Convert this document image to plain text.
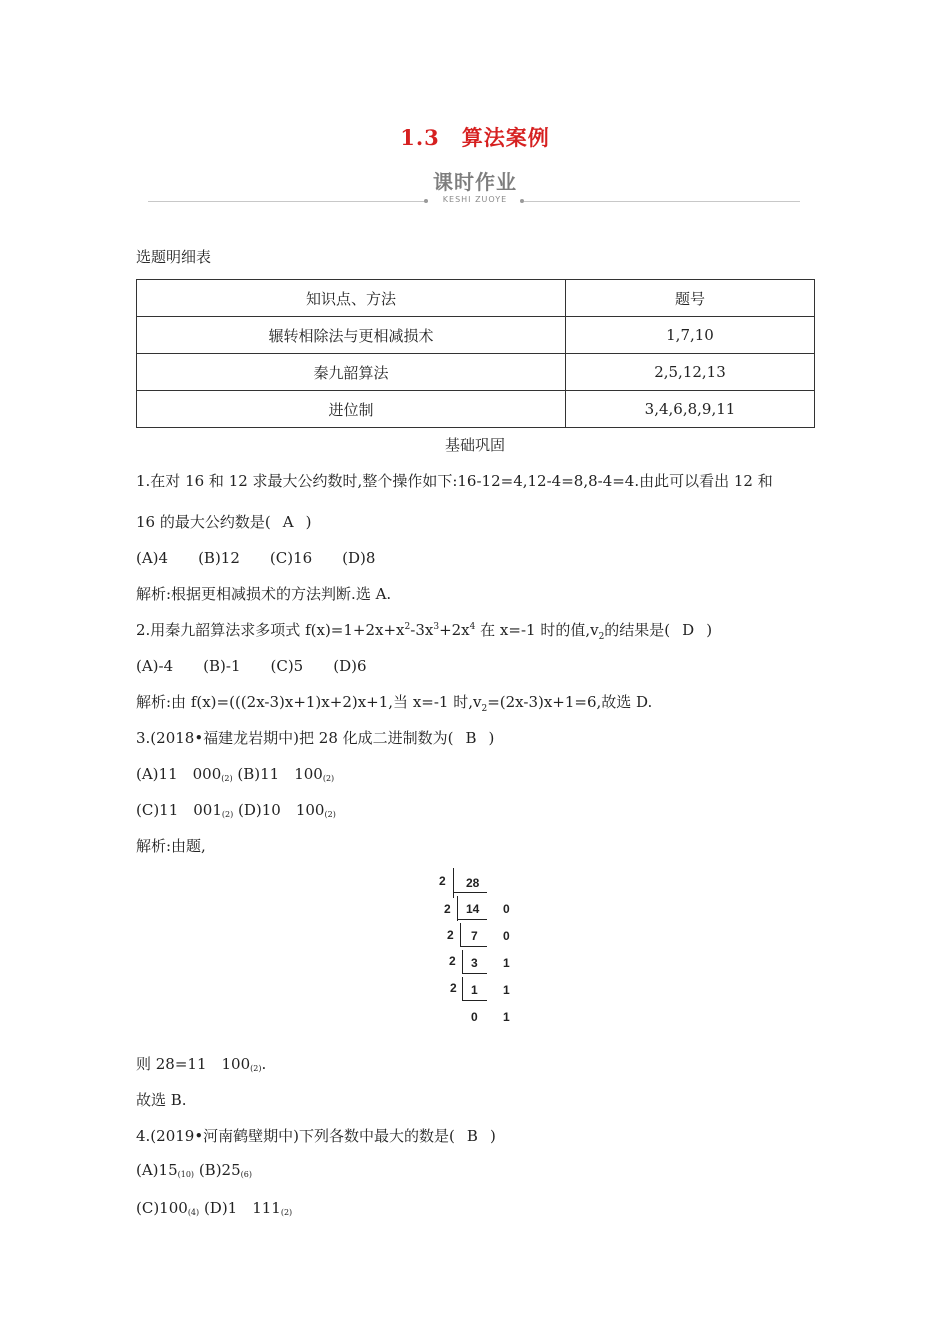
1.3　算法案例
课时作业
KESHI ZUOYE
选题明细表
知识点、方法	题号
辗转相除法与更相减损术	1,7,10
秦九韶算法	2,5,12,13
进位制	3,4,6,8,9,11
基础巩固
1.在对 16 和 12 求最大公约数时,整个操作如下:16-12=4,12-4=8,8-4=4.由此可以看出 12 和
16 的最大公约数是( A )
(A)4　　(B)12　　(C)16　　(D)8
解析:根据更相减损术的方法判断.选 A.
2.用秦九韶算法求多项式 $f(x)=1+2x+x^2-3x^3+2x^4$ 在 x=-1 时的值$,v_2$的结果是( D )
(A)-4　　(B)-1　　(C)5　　(D)6
解析:由 f(x)=(((2x-3)x+1)x+2)x+1,当 x=-1 时$,v_2=(2x-3)x+1=6$,故选 D.
3.(2018•福建龙岩期中)把 28 化成二进制数为( B )
(A)11　000(2) (B)11　100(2)
(C)11　001(2) (D)10　100(2)
解析:由题,
2 28
2 14 0
2 7 0
2 3 1
2 1 1
0 1
则 28=11　100(2).
故选 B.
4.(2019•河南鹤壁期中)下列各数中最大的数是( B )
(A)15(10) (B)25(6)
(C)100(4) (D)1　111(2)
